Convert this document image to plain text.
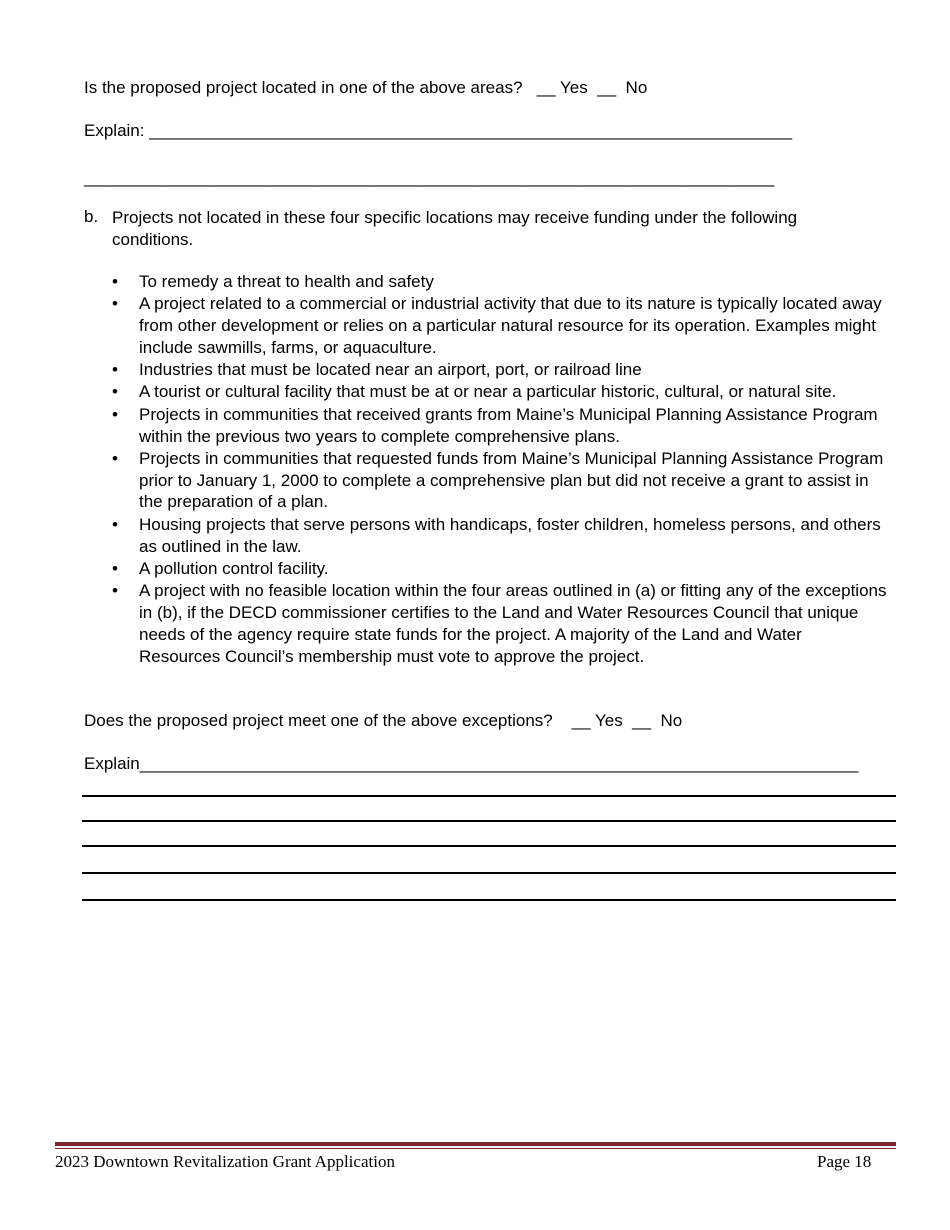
Is the proposed project located in one of the above areas?   __ Yes  __  No
Explain: ____________________________________________________________________
_________________________________________________________________________
b. Projects not located in these four specific locations may receive funding under the following conditions.
• To remedy a threat to health and safety
• A project related to a commercial or industrial activity that due to its nature is typically located away from other development or relies on a particular natural resource for its operation. Examples might include sawmills, farms, or aquaculture.
• Industries that must be located near an airport, port, or railroad line
• A tourist or cultural facility that must be at or near a particular historic, cultural, or natural site.
• Projects in communities that received grants from Maine’s Municipal Planning Assistance Program within the previous two years to complete comprehensive plans.
• Projects in communities that requested funds from Maine’s Municipal Planning Assistance Program prior to January 1, 2000 to complete a comprehensive plan but did not receive a grant to assist in the preparation of a plan.
• Housing projects that serve persons with handicaps, foster children, homeless persons, and others as outlined in the law.
• A pollution control facility.
• A project with no feasible location within the four areas outlined in (a) or fitting any of the exceptions in (b), if the DECD commissioner certifies to the Land and Water Resources Council that unique needs of the agency require state funds for the project. A majority of the Land and Water Resources Council’s membership must vote to approve the project.
Does the proposed project meet one of the above exceptions?    __ Yes  __  No
Explain____________________________________________________________________________
2023 Downtown Revitalization Grant Application	Page 18
